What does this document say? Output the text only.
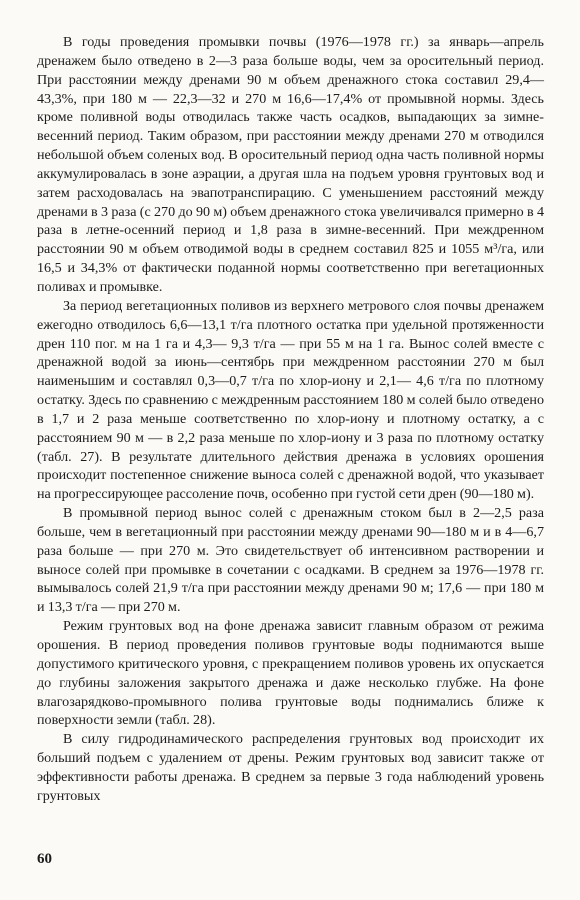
В годы проведения промывки почвы (1976—1978 гг.) за январь—апрель дренажем было отведено в 2—3 раза больше воды, чем за оросительный период. При расстоянии между дренами 90 м объем дренажного стока составил 29,4—43,3%, при 180 м — 22,3—32 и 270 м 16,6—17,4% от промывной нормы. Здесь кроме поливной воды отводилась также часть осадков, выпадающих за зимне-весенний период. Таким образом, при расстоянии между дренами 270 м отводился небольшой объем соленых вод. В оросительный период одна часть поливной нормы аккумулировалась в зоне аэрации, а другая шла на подъем уровня грунтовых вод и затем расходовалась на эвапотранспирацию. С уменьшением расстояний между дренами в 3 раза (с 270 до 90 м) объем дренажного стока увеличивался примерно в 4 раза в летне-осенний период и 1,8 раза в зимне-весенний. При междренном расстоянии 90 м объем отводимой воды в среднем составил 825 и 1055 м³/га, или 16,5 и 34,3% от фактически поданной нормы соответственно при вегетационных поливах и промывке.

За период вегетационных поливов из верхнего метрового слоя почвы дренажем ежегодно отводилось 6,6—13,1 т/га плотного остатка при удельной протяженности дрен 110 пог. м на 1 га и 4,3— 9,3 т/га — при 55 м на 1 га. Вынос солей вместе с дренажной водой за июнь—сентябрь при междренном расстоянии 270 м был наименьшим и составлял 0,3—0,7 т/га по хлор-иону и 2,1— 4,6 т/га по плотному остатку. Здесь по сравнению с междренным расстоянием 180 м солей было отведено в 1,7 и 2 раза меньше соответственно по хлор-иону и плотному остатку, а с расстоянием 90 м — в 2,2 раза меньше по хлор-иону и 3 раза по плотному остатку (табл. 27). В результате длительного действия дренажа в условиях орошения происходит постепенное снижение выноса солей с дренажной водой, что указывает на прогрессирующее рассоление почв, особенно при густой сети дрен (90—180 м).

В промывной период вынос солей с дренажным стоком был в 2—2,5 раза больше, чем в вегетационный при расстоянии между дренами 90—180 м и в 4—6,7 раза больше — при 270 м. Это свидетельствует об интенсивном растворении и выносе солей при промывке в сочетании с осадками. В среднем за 1976—1978 гг. вымывалось солей 21,9 т/га при расстоянии между дренами 90 м; 17,6 — при 180 м и 13,3 т/га — при 270 м.

Режим грунтовых вод на фоне дренажа зависит главным образом от режима орошения. В период проведения поливов грунтовые воды поднимаются выше допустимого критического уровня, с прекращением поливов уровень их опускается до глубины заложения закрытого дренажа и даже несколько глубже. На фоне влагозарядково-промывного полива грунтовые воды поднимались ближе к поверхности земли (табл. 28).

В силу гидродинамического распределения грунтовых вод происходит их больший подъем с удалением от дрены. Режим грунтовых вод зависит также от эффективности работы дренажа. В среднем за первые 3 года наблюдений уровень грунтовых

60
